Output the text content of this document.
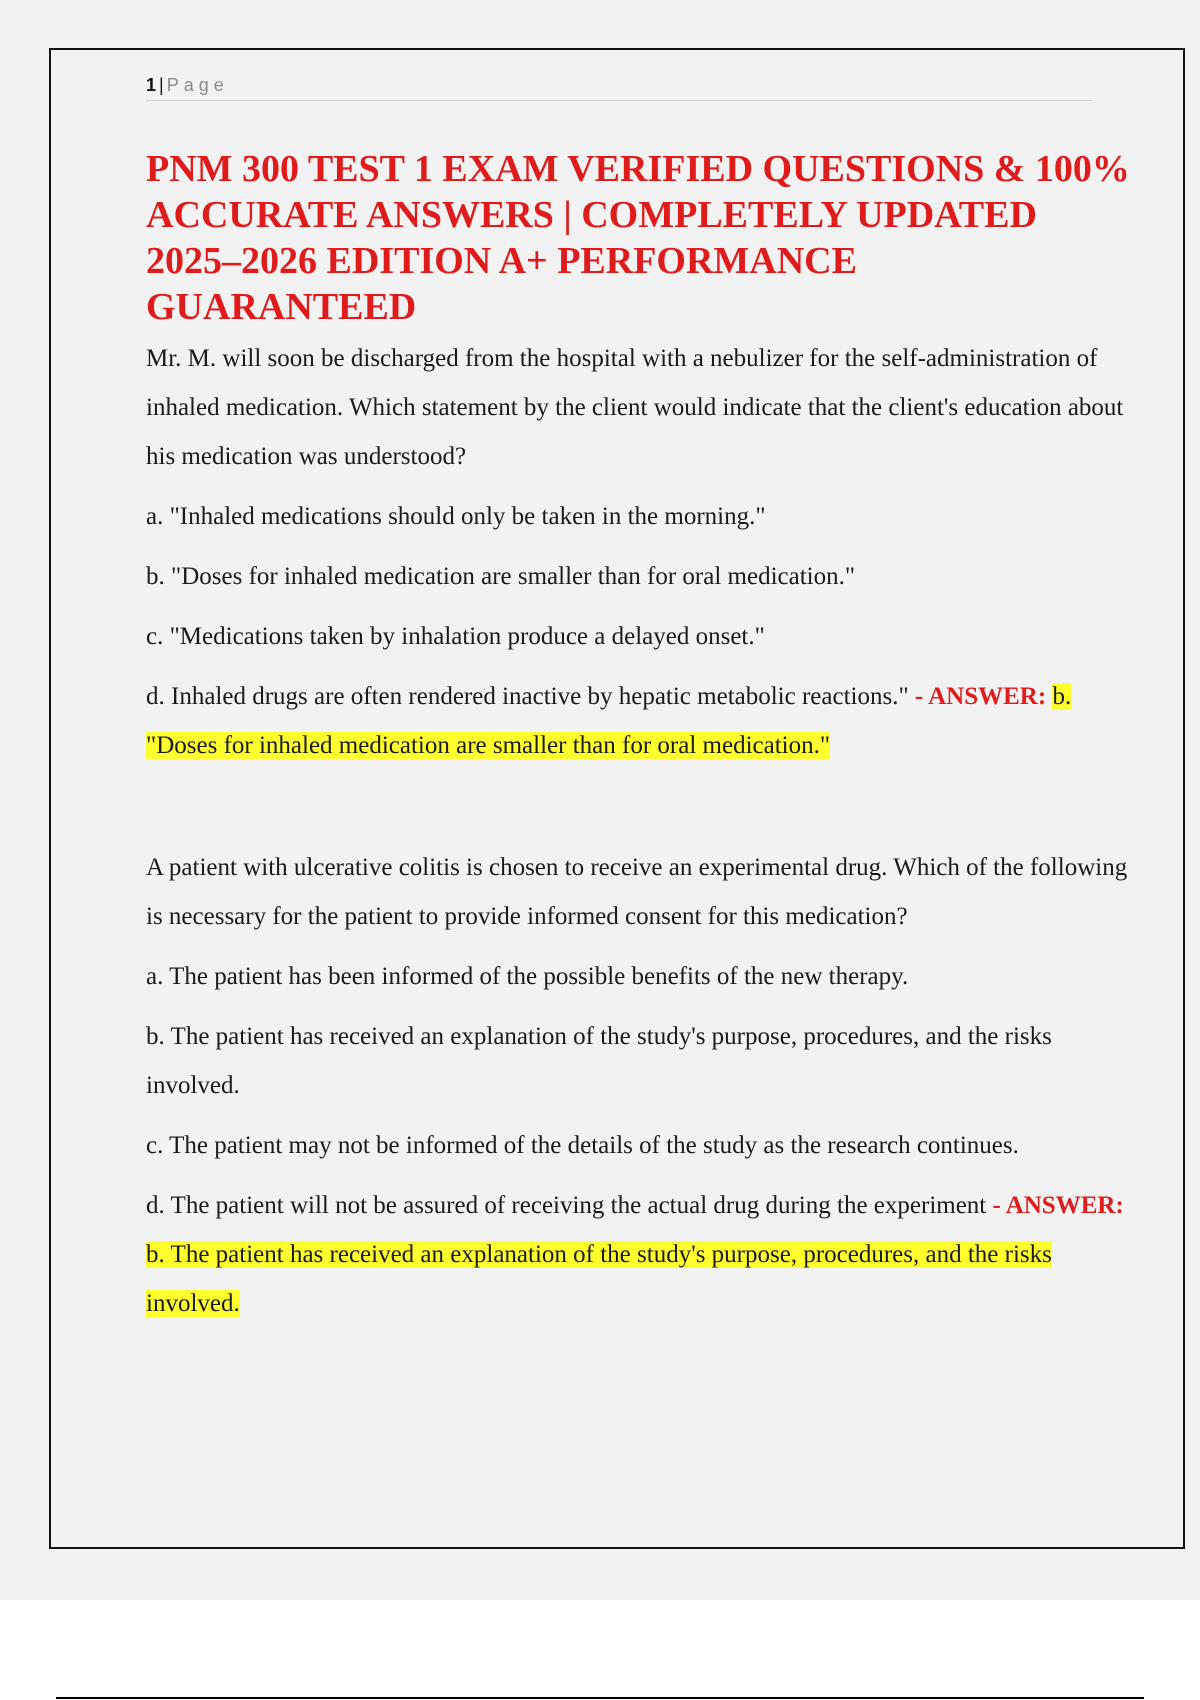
1 | Page
PNM 300 TEST 1 EXAM VERIFIED QUESTIONS & 100% ACCURATE ANSWERS | COMPLETELY UPDATED 2025–2026 EDITION A+ PERFORMANCE GUARANTEED

Mr. M. will soon be discharged from the hospital with a nebulizer for the self-administration of inhaled medication. Which statement by the client would indicate that the client's education about his medication was understood?

a. "Inhaled medications should only be taken in the morning."

b. "Doses for inhaled medication are smaller than for oral medication."

c. "Medications taken by inhalation produce a delayed onset."

d. Inhaled drugs are often rendered inactive by hepatic metabolic reactions." - ANSWER: b. "Doses for inhaled medication are smaller than for oral medication."

A patient with ulcerative colitis is chosen to receive an experimental drug. Which of the following is necessary for the patient to provide informed consent for this medication?

a. The patient has been informed of the possible benefits of the new therapy.

b. The patient has received an explanation of the study's purpose, procedures, and the risks involved.

c. The patient may not be informed of the details of the study as the research continues.

d. The patient will not be assured of receiving the actual drug during the experiment - ANSWER: b. The patient has received an explanation of the study's purpose, procedures, and the risks involved.
